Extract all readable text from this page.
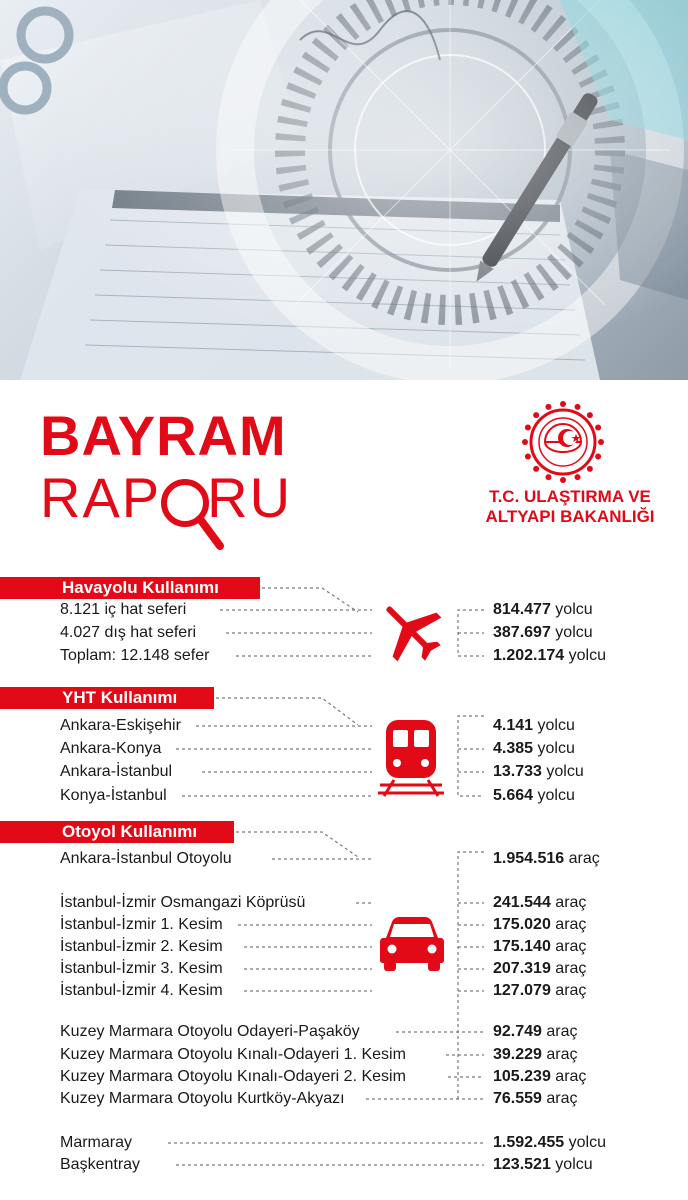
BAYRAM
RAP RU	T.C. ULAŞTIRMA VE
ALTYAPI BAKANLIĞI
Havayolu Kullanımı
8.121 iç hat seferi
4.027 dış hat seferi
Toplam: 12.148 sefer
814.477 yolcu
387.697 yolcu
1.202.174 yolcu
YHT Kullanımı
Ankara-Eskişehir
Ankara-Konya
Ankara-İstanbul
Konya-İstanbul
4.141 yolcu
4.385 yolcu
13.733 yolcu
5.664 yolcu
Otoyol Kullanımı
Ankara-İstanbul Otoyolu
İstanbul-İzmir Osmangazi Köprüsü
İstanbul-İzmir 1. Kesim
İstanbul-İzmir 2. Kesim
İstanbul-İzmir 3. Kesim
İstanbul-İzmir 4. Kesim
Kuzey Marmara Otoyolu Odayeri-Paşaköy
Kuzey Marmara Otoyolu Kınalı-Odayeri 1. Kesim
Kuzey Marmara Otoyolu Kınalı-Odayeri 2. Kesim
Kuzey Marmara Otoyolu Kurtköy-Akyazı
1.954.516 araç
241.544 araç
175.020 araç
175.140 araç
207.319 araç
127.079 araç
92.749 araç
39.229 araç
105.239 araç
76.559 araç
Marmaray
Başkentray
1.592.455 yolcu
123.521 yolcu
